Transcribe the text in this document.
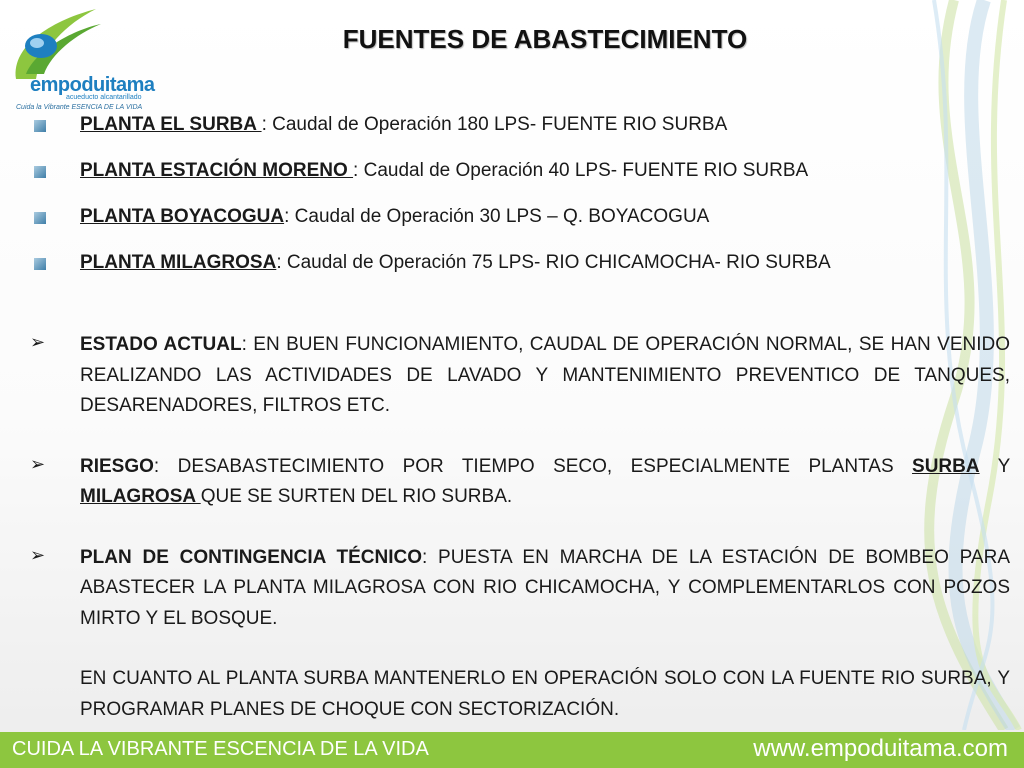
empoduitama
acueducto alcantarillado
Cuida la Vibrante ESENCIA DE LA VIDA
FUENTES DE ABASTECIMIENTO
PLANTA EL SURBA : Caudal de Operación 180 LPS- FUENTE RIO SURBA
PLANTA ESTACIÓN MORENO : Caudal de Operación 40 LPS- FUENTE RIO SURBA
PLANTA BOYACOGUA: Caudal de Operación 30 LPS – Q. BOYACOGUA
PLANTA MILAGROSA: Caudal de Operación 75 LPS- RIO CHICAMOCHA- RIO SURBA
➢ ESTADO ACTUAL: EN BUEN FUNCIONAMIENTO, CAUDAL DE OPERACIÓN NORMAL, SE HAN VENIDO REALIZANDO LAS ACTIVIDADES DE LAVADO Y MANTENIMIENTO PREVENTICO DE TANQUES, DESARENADORES, FILTROS ETC.
➢ RIESGO: DESABASTECIMIENTO POR TIEMPO SECO, ESPECIALMENTE PLANTAS SURBA Y MILAGROSA QUE SE SURTEN DEL RIO SURBA.
➢ PLAN DE CONTINGENCIA TÉCNICO: PUESTA EN MARCHA DE LA ESTACIÓN DE BOMBEO PARA ABASTECER LA PLANTA MILAGROSA CON RIO CHICAMOCHA, Y COMPLEMENTARLOS CON POZOS MIRTO Y EL BOSQUE.
EN CUANTO AL PLANTA SURBA MANTENERLO EN OPERACIÓN SOLO CON LA FUENTE RIO SURBA, Y PROGRAMAR PLANES DE CHOQUE CON SECTORIZACIÓN.
CUIDA LA VIBRANTE ESCENCIA DE LA VIDA	www.empoduitama.com
